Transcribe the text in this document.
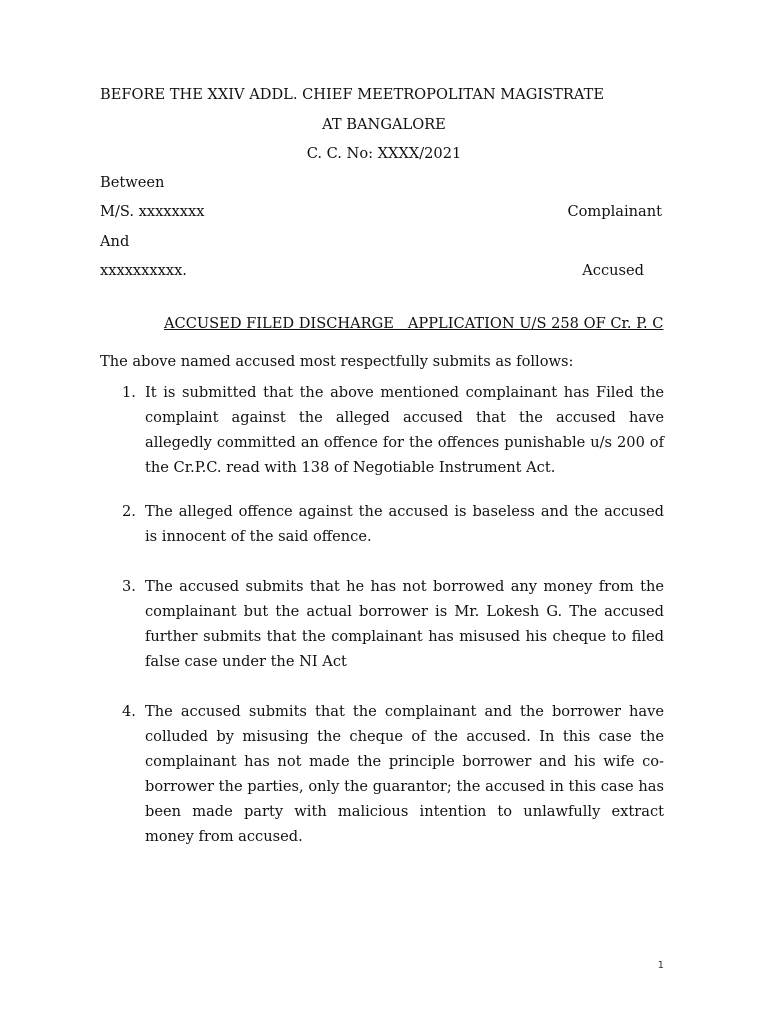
BEFORE THE XXIV ADDL. CHIEF MEETROPOLITAN MAGISTRATE
AT BANGALORE
C. C. No: XXXX/2021
Between
M/S. xxxxxxxx	Complainant
And
xxxxxxxxxx.	Accused
ACCUSED FILED DISCHARGE   APPLICATION U/S 258 OF Cr. P. C
The above named accused most respectfully submits as follows:
1. It is submitted that the above mentioned complainant has Filed the complaint against the alleged accused that the accused have allegedly committed an offence for the offences punishable u/s 200 of the Cr.P.C. read with 138 of Negotiable Instrument Act.
2. The alleged offence against the accused is baseless and the accused is innocent of the said offence.
3. The accused submits that he has not borrowed any money from the complainant but the actual borrower is Mr. Lokesh G. The accused further submits that the complainant has misused his cheque to filed false case under the NI Act
4. The accused submits that the complainant and the borrower have colluded by misusing the cheque of the accused. In this case the complainant has not made the principle borrower and his wife co-borrower the parties, only the guarantor; the accused in this case has been made party with malicious intention to unlawfully extract money from accused.
1
